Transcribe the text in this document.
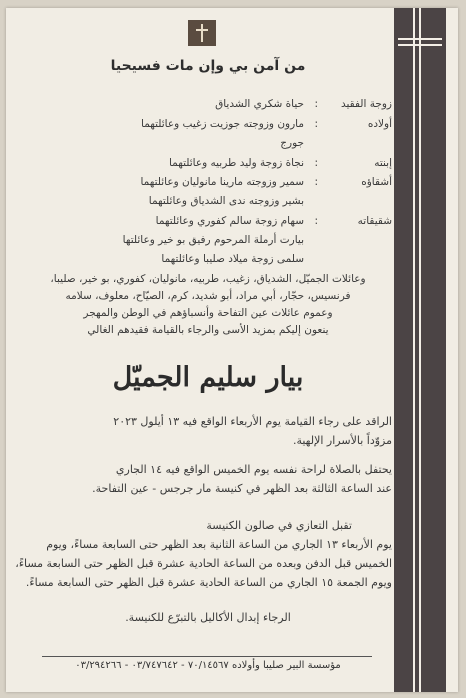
من آمن بي وإن مات فسيحيا
زوجة الفقيد
:
حياة شكري الشدياق
أولاده
:
مارون وزوجته جوزيت زغيب وعائلتهما
جورج
إبنته
:
نجاة زوجة وليد طربيه وعائلتهما
أشقاؤه
:
سمير وزوجته مارينا مانوليان وعائلتهما
بشير وزوجته ندى الشدياق وعائلتهما
شقيقاته
:
سهام زوجة سالم كفوري وعائلتهما
بيارت أرملة المرحوم رفيق بو خير وعائلتها
سلمى زوجة ميلاد صليبا وعائلتهما
وعائلات الجميّل، الشدياق، زغيب، طربيه، مانوليان، كفوري، بو خير، صليبا،
فرنسيس، حجّار، أبي مراد، أبو شديد، كرم، الصيّاح، معلوف، سلامه
وعموم عائلات عين التفاحة وأنسباؤهم في الوطن والمهجر
ينعون إليكم بمزيد الأسى والرجاء بالقيامة فقيدهم الغالي
بيار سليم الجميّل
الراقد على رجاء القيامة يوم الأربعاء الواقع فيه ١٣ أيلول ٢٠٢٣
مزوّداً بالأسرار الإلهية.
يحتفل بالصلاة لراحة نفسه يوم الخميس الواقع فيه ١٤ الجاري
عند الساعة الثالثة بعد الظهر في كنيسة مار جرجس - عين التفاحة.
تقبل التعازي في صالون الكنيسة
يوم الأربعاء ١٣ الجاري من الساعة الثانية بعد الظهر حتى السابعة مساءً، ويوم
الخميس قبل الدفن وبعده من الساعة الحادية عشرة قبل الظهر حتى السابعة مساءً،
ويوم الجمعة ١٥ الجاري من الساعة الحادية عشرة قبل الظهر حتى السابعة مساءً.
الرجاء إبدال الأكاليل بالتبرّع للكنيسة.
مؤسسة البير صليبا وأولاده ٧٠/١٤٥٦٧ - ٠٣/٧٤٧٦٤٢ - ٠٣/٢٩٤٢٦٦
